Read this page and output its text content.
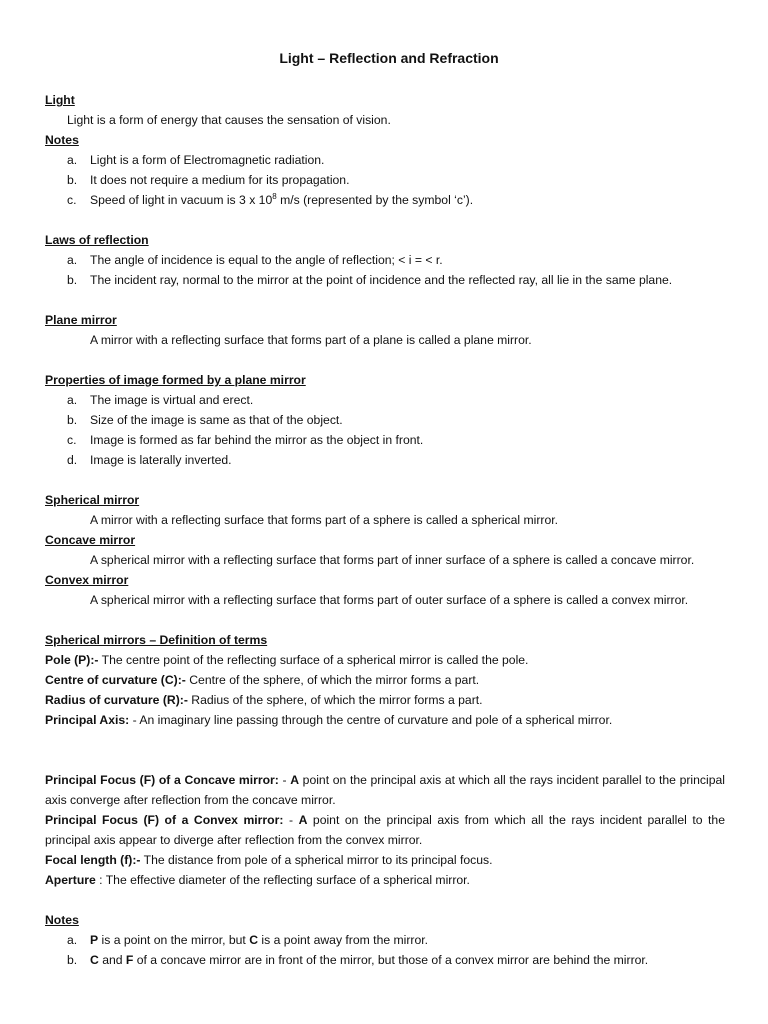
Light – Reflection and Refraction
Light
Light is a form of energy that causes the sensation of vision.
Notes
a. Light is a form of Electromagnetic radiation.
b. It does not require a medium for its propagation.
c. Speed of light in vacuum is 3 x $10^8$ m/s (represented by the symbol ‘c’).
Laws of reflection
a. The angle of incidence is equal to the angle of reflection; < i = < r.
b. The incident ray, normal to the mirror at the point of incidence and the reflected ray, all lie in the same plane.
Plane mirror
A mirror with a reflecting surface that forms part of a plane is called a plane mirror.
Properties of image formed by a plane mirror
a. The image is virtual and erect.
b. Size of the image is same as that of the object.
c. Image is formed as far behind the mirror as the object in front.
d. Image is laterally inverted.
Spherical mirror
A mirror with a reflecting surface that forms part of a sphere is called a spherical mirror.
Concave mirror
A spherical mirror with a reflecting surface that forms part of inner surface of a sphere is called a concave mirror.
Convex mirror
A spherical mirror with a reflecting surface that forms part of outer surface of a sphere is called a convex mirror.
Spherical mirrors – Definition of terms
Pole (P):- The centre point of the reflecting surface of a spherical mirror is called the pole.
Centre of curvature (C):- Centre of the sphere, of which the mirror forms a part.
Radius of curvature (R):- Radius of the sphere, of which the mirror forms a part.
Principal Axis: - An imaginary line passing through the centre of curvature and pole of a spherical mirror.
Principal Focus (F) of a Concave mirror: - A point on the principal axis at which all the rays incident parallel to the principal axis converge after reflection from the concave mirror.
Principal Focus (F) of a Convex mirror: - A point on the principal axis from which all the rays incident parallel to the principal axis appear to diverge after reflection from the convex mirror.
Focal length (f):- The distance from pole of a spherical mirror to its principal focus.
Aperture : The effective diameter of the reflecting surface of a spherical mirror.
Notes
a. P is a point on the mirror, but C is a point away from the mirror.
b. C and F of a concave mirror are in front of the mirror, but those of a convex mirror are behind the mirror.
